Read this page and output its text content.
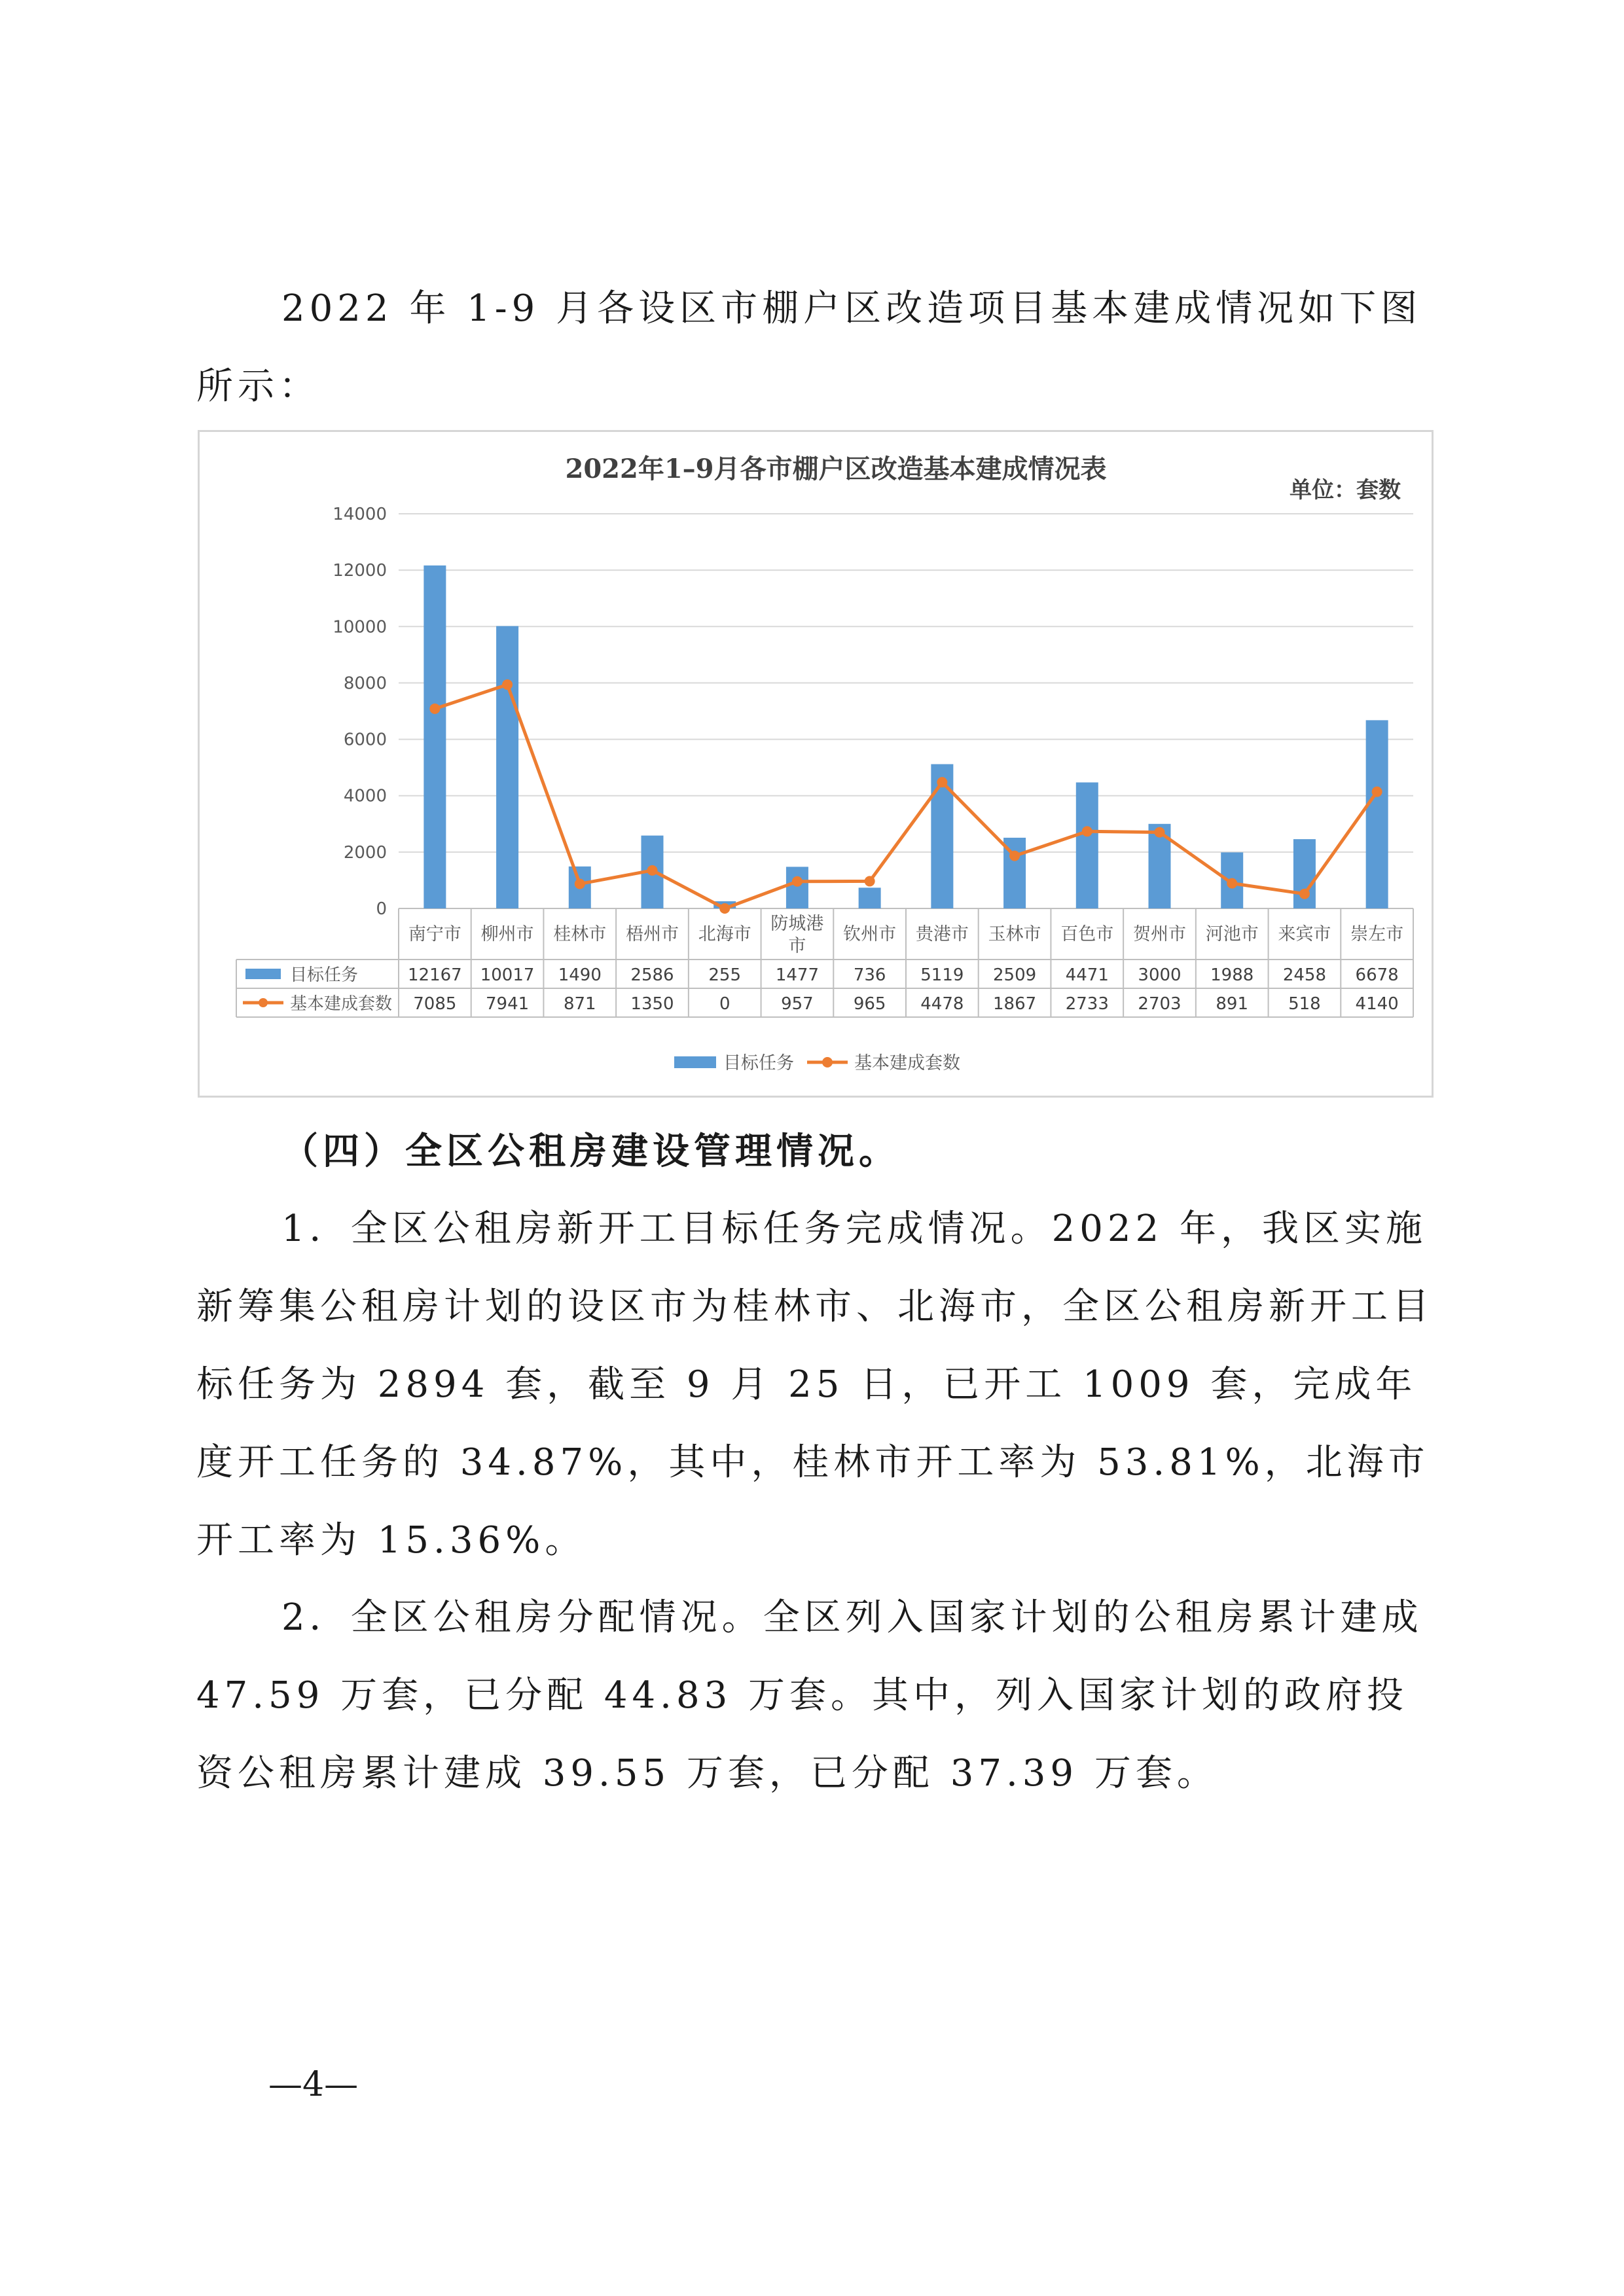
2022 年 1-9 月各设区市棚户区改造项目基本建成情况如下图所示：

0
2000
4000
6000
8000
10000
12000
14000
2022年1–9月各市棚户区改造基本建成情况表
单位：套数
南宁市 柳州市 桂林市 梧州市 北海市
防城港
市
钦州市 贵港市 玉林市 百色市 贺州市 河池市 来宾市 崇左市
目标任务
基本建成套数
12167 10017 1490 2586 255 1477 736 5119 2509 4471 3000 1988 2458 6678
7085 7941 871 1350	0	957 965 4478 1867 2733 2703 891 518 4140
目标任务	基本建成套数

（四）全区公租房建设管理情况。

1．全区公租房新开工目标任务完成情况。2022 年，我区实施新筹集公租房计划的设区市为桂林市、北海市，全区公租房新开工目标任务为 2894 套，截至 9 月 25 日，已开工 1009 套，完成年度开工任务的 34.87%，其中，桂林市开工率为 53.81%，北海市开工率为 15.36%。

2．全区公租房分配情况。全区列入国家计划的公租房累计建成 47.59 万套，已分配 44.83 万套。其中，列入国家计划的政府投资公租房累计建成 39.55 万套，已分配 37.39 万套。

—4—
